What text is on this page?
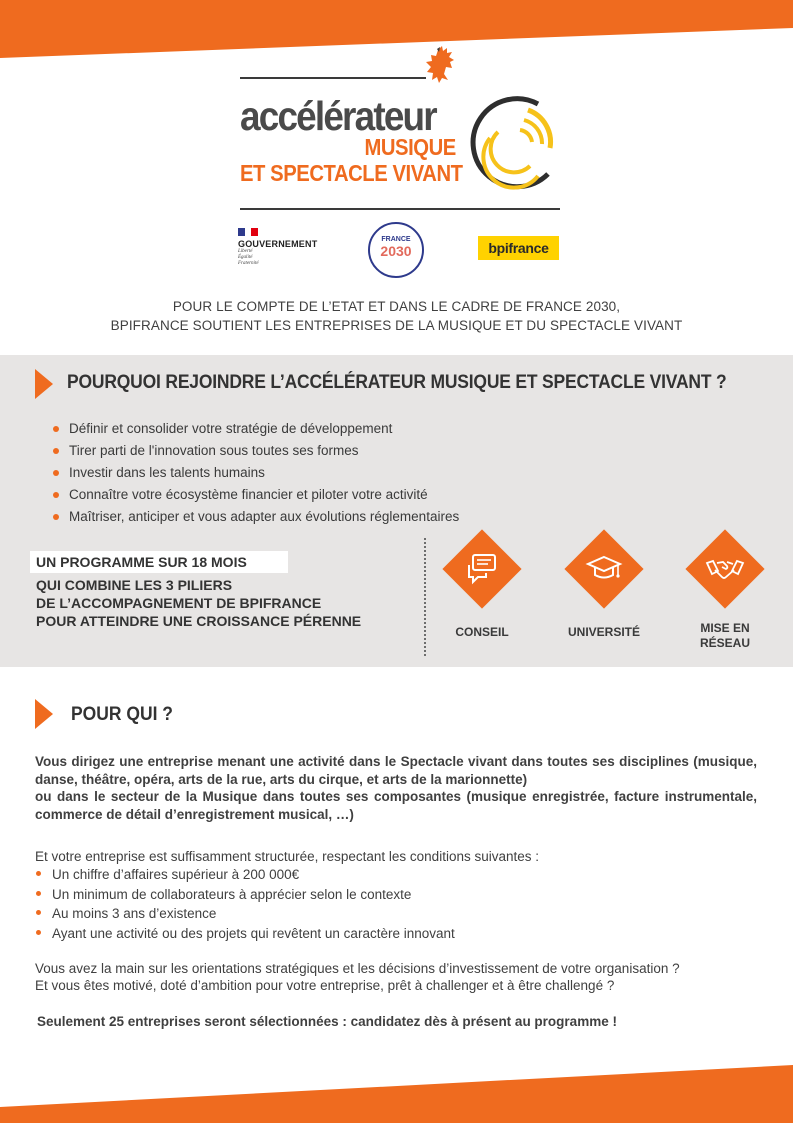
accélérateur
MUSIQUE
ET SPECTACLE VIVANT
GOUVERNEMENT
Liberté
Égalité
Fraternité
FRANCE
2030	bpifrance
POUR LE COMPTE DE L’ETAT ET DANS LE CADRE DE FRANCE 2030,
BPIFRANCE SOUTIENT LES ENTREPRISES DE LA MUSIQUE ET DU SPECTACLE VIVANT
POURQUOI REJOINDRE L’ACCÉLÉRATEUR MUSIQUE ET SPECTACLE VIVANT ?
Définir et consolider votre stratégie de développement
Tirer parti de l'innovation sous toutes ses formes
Investir dans les talents humains
Connaître votre écosystème financier et piloter votre activité
Maîtriser, anticiper et vous adapter aux évolutions réglementaires
UN PROGRAMME SUR 18 MOIS
QUI COMBINE LES 3 PILIERS
DE L’ACCOMPAGNEMENT DE BPIFRANCE
POUR ATTEINDRE UNE CROISSANCE PÉRENNE
CONSEIL	UNIVERSITÉ	MISE EN
RÉSEAU
POUR QUI ?
Vous dirigez une entreprise menant une activité dans le Spectacle vivant dans toutes ses disciplines (musique, danse, théâtre, opéra, arts de la rue, arts du cirque, et arts de la marionnette)
ou dans le secteur de la Musique dans toutes ses composantes (musique enregistrée, facture instrumentale, commerce de détail d’enregistrement musical, …)
Et votre entreprise est suffisamment structurée, respectant les conditions suivantes :
Un chiffre d’affaires supérieur à 200 000€
Un minimum de collaborateurs à apprécier selon le contexte
Au moins 3 ans d’existence
Ayant une activité ou des projets qui revêtent un caractère innovant
Vous avez la main sur les orientations stratégiques et les décisions d’investissement de votre organisation ?
Et vous êtes motivé, doté d’ambition pour votre entreprise, prêt à challenger et à être challengé ?
Seulement 25 entreprises seront sélectionnées : candidatez dès à présent au programme !
